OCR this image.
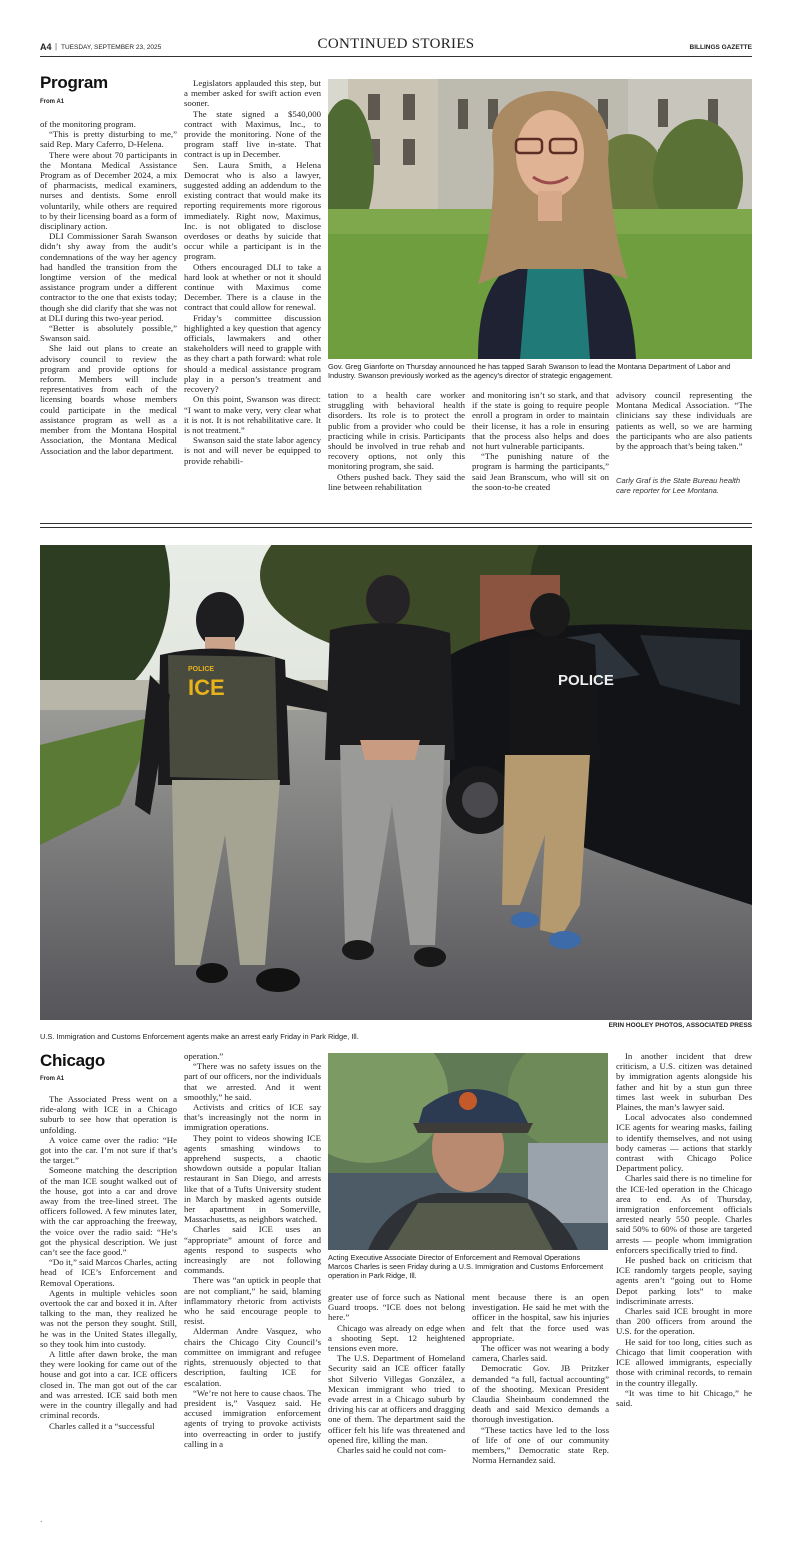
A4 | TUESDAY, SEPTEMBER 23, 2025	CONTINUED STORIES	BILLINGS GAZETTE
Program
From A1

of the monitoring program.

“This is pretty disturbing to me,” said Rep. Mary Caferro, D-Helena.

There were about 70 participants in the Montana Medical Assistance Program as of December 2024, a mix of pharmacists, medical examiners, nurses and dentists. Some enroll voluntarily, while others are required to by their licensing board as a form of disciplinary action.

DLI Commissioner Sarah Swanson didn’t shy away from the audit’s condemnations of the way her agency had handled the transition from the longtime version of the medical assistance program under a different contractor to the one that exists today; though she did clarify that she was not at DLI during this two-year period.

“Better is absolutely possible,” Swanson said.

She laid out plans to create an advisory council to review the program and provide options for reform. Members will include representatives from each of the licensing boards whose members could participate in the medical assistance program as well as a member from the Montana Hospital Association, the Montana Medical Association and the labor department.

Legislators applauded this step, but a member asked for swift action even sooner.

The state signed a $540,000 contract with Maximus, Inc., to provide the monitoring. None of the program staff live in-state. That contract is up in December.

Sen. Laura Smith, a Helena Democrat who is also a lawyer, suggested adding an addendum to the existing contract that would make its reporting requirements more rigorous immediately. Right now, Maximus, Inc. is not obligated to disclose overdoses or deaths by suicide that occur while a participant is in the program.

Others encouraged DLI to take a hard look at whether or not it should continue with Maximus come December. There is a clause in the contract that could allow for renewal.

Friday’s committee discussion highlighted a key question that agency officials, lawmakers and other stakeholders will need to grapple with as they chart a path forward: what role should a medical assistance program play in a person’s treatment and recovery?

On this point, Swanson was direct: “I want to make very, very clear what it is not. It is not rehabilitative care. It is not treatment.”

Swanson said the state labor agency is not and will never be equipped to provide rehabili-

Gov. Greg Gianforte on Thursday announced he has tapped Sarah Swanson to lead the Montana Department of Labor and Industry. Swanson previously worked as the agency’s director of strategic engagement.

tation to a health care worker struggling with behavioral health disorders. Its role is to protect the public from a provider who could be practicing while in crisis. Participants should be involved in true rehab and recovery options, not only this monitoring program, she said.

Others pushed back. They said the line between rehabilitation

and monitoring isn’t so stark, and that if the state is going to require people enroll a program in order to maintain their license, it has a role in ensuring that the process also helps and does not hurt vulnerable participants.

“The punishing nature of the program is harming the participants,” said Jean Branscum, who will sit on the soon-to-be created

advisory council representing the Montana Medical Association. “The clinicians say these individuals are patients as well, so we are harming the participants who are also patients by the approach that’s being taken.”

Carly Graf is the State Bureau health care reporter for Lee Montana.
ICE
POLICE
POLICE
ERIN HOOLEY PHOTOS, ASSOCIATED PRESS
U.S. Immigration and Customs Enforcement agents make an arrest early Friday in Park Ridge, Ill.
Chicago
From A1

The Associated Press went on a ride-along with ICE in a Chicago suburb to see how that operation is unfolding.

A voice came over the radio: “He got into the car. I’m not sure if that’s the target.”

Someone matching the description of the man ICE sought walked out of the house, got into a car and drove away from the tree-lined street. The officers followed. A few minutes later, with the car approaching the freeway, the voice over the radio said: “He’s got the physical description. We just can’t see the face good.”

“Do it,” said Marcos Charles, acting head of ICE’s Enforcement and Removal Operations.

Agents in multiple vehicles soon overtook the car and boxed it in. After talking to the man, they realized he was not the person they sought. Still, he was in the United States illegally, so they took him into custody.

A little after dawn broke, the man they were looking for came out of the house and got into a car. ICE officers closed in. The man got out of the car and was arrested. ICE said both men were in the country illegally and had criminal records.

Charles called it a “successful

operation.”

“There was no safety issues on the part of our officers, nor the individuals that we arrested. And it went smoothly,” he said.

Activists and critics of ICE say that’s increasingly not the norm in immigration operations.

They point to videos showing ICE agents smashing windows to apprehend suspects, a chaotic showdown outside a popular Italian restaurant in San Diego, and arrests like that of a Tufts University student in March by masked agents outside her apartment in Somerville, Massachusetts, as neighbors watched.

Charles said ICE uses an “appropriate” amount of force and agents respond to suspects who increasingly are not following commands.

There was “an uptick in people that are not compliant,” he said, blaming inflammatory rhetoric from activists who he said encourage people to resist.

Alderman Andre Vasquez, who chairs the Chicago City Council’s committee on immigrant and refugee rights, strenuously objected to that description, faulting ICE for escalation.

“We’re not here to cause chaos. The president is,” Vasquez said. He accused immigration enforcement agents of trying to provoke activists into overreacting in order to justify calling in a

Acting Executive Associate Director of Enforcement and Removal Operations Marcos Charles is seen Friday during a U.S. Immigration and Customs Enforcement operation in Park Ridge, Ill.

greater use of force such as National Guard troops. “ICE does not belong here.”

Chicago was already on edge when a shooting Sept. 12 heightened tensions even more.

The U.S. Department of Homeland Security said an ICE officer fatally shot Silverio Villegas González, a Mexican immigrant who tried to evade arrest in a Chicago suburb by driving his car at officers and dragging one of them. The department said the officer felt his life was threatened and opened fire, killing the man.

Charles said he could not com-

ment because there is an open investigation. He said he met with the officer in the hospital, saw his injuries and felt that the force used was appropriate.

The officer was not wearing a body camera, Charles said.

Democratic Gov. JB Pritzker demanded “a full, factual accounting” of the shooting. Mexican President Claudia Sheinbaum condemned the death and said Mexico demands a thorough investigation.

“These tactics have led to the loss of life of one of our community members,” Democratic state Rep. Norma Hernandez said.

In another incident that drew criticism, a U.S. citizen was detained by immigration agents alongside his father and hit by a stun gun three times last week in suburban Des Plaines, the man’s lawyer said.

Local advocates also condemned ICE agents for wearing masks, failing to identify themselves, and not using body cameras — actions that starkly contrast with Chicago Police Department policy.

Charles said there is no timeline for the ICE-led operation in the Chicago area to end. As of Thursday, immigration enforcement officials arrested nearly 550 people. Charles said 50% to 60% of those are targeted arrests — people whom immigration enforcers specifically tried to find.

He pushed back on criticism that ICE randomly targets people, saying agents aren’t “going out to Home Depot parking lots” to make indiscriminate arrests.

Charles said ICE brought in more than 200 officers from around the U.S. for the operation.

He said for too long, cities such as Chicago that limit cooperation with ICE allowed immigrants, especially those with criminal records, to remain in the country illegally.

“It was time to hit Chicago,” he said.

.
